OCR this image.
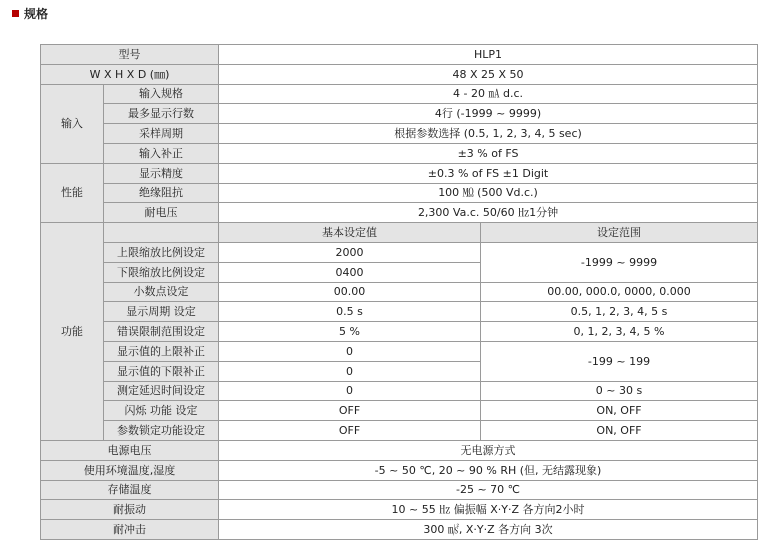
规格
型号		HLP1	
W X H X D (㎜)		48 X 25 X 50	
输入	输入规格	4 - 20 ㎃ d.c.	
	最多显示行数	4行 (-1999 ~ 9999)	
	采样周期	根据参数选择 (0.5, 1, 2, 3, 4, 5 sec)	
	输入补正	±3 % of FS	
性能	显示精度	±0.3 % of FS ±1 Digit	
	绝缘阻抗	100 ㏁ (500 Vd.c.)	
	耐电压	2,300 Va.c. 50/60 ㎐1分钟	
功能		基本设定值	设定范围
	上限缩放比例设定	2000	-1999 ~ 9999
	下限缩放比例设定	0400	
	小数点设定	00.00	00.00, 000.0, 0000, 0.000
	显示周期 设定	0.5 s	0.5, 1, 2, 3, 4, 5 s
	错误限制范围设定	5 %	0, 1, 2, 3, 4, 5 %
	显示值的上限补正	0	-199 ~ 199
	显示值的下限补正	0	
	测定延迟时间设定	0	0 ~ 30 s
	闪烁 功能 设定	OFF	ON, OFF
	参数锁定功能设定	OFF	ON, OFF
电源电压		无电源方式	
使用环境温度,湿度		-5 ~ 50 ℃, 20 ~ 90 % RH (但, 无结露现象)	
存储温度		-25 ~ 70 ℃	
耐振动		10 ~ 55 ㎐ 偏振幅 X·Y·Z 各方向2小时	
耐冲击		300 ㎨, X·Y·Z 各方向 3次	
